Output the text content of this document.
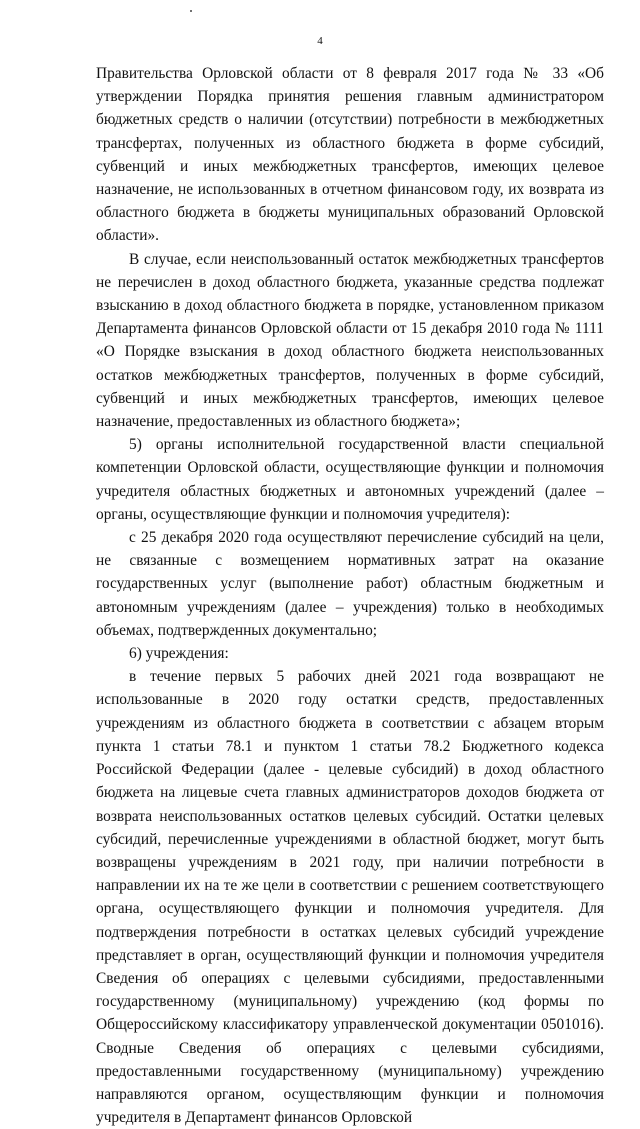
4

Правительства Орловской области от 8 февраля 2017 года № 33 «Об утверждении Порядка принятия решения главным администратором бюджетных средств о наличии (отсутствии) потребности в межбюджетных трансфертах, полученных из областного бюджета в форме субсидий, субвенций и иных межбюджетных трансфертов, имеющих целевое назначение, не использованных в отчетном финансовом году, их возврата из областного бюджета в бюджеты муниципальных образований Орловской области».

В случае, если неиспользованный остаток межбюджетных трансфертов не перечислен в доход областного бюджета, указанные средства подлежат взысканию в доход областного бюджета в порядке, установленном приказом Департамента финансов Орловской области от 15 декабря 2010 года № 1111 «О Порядке взыскания в доход областного бюджета неиспользованных остатков межбюджетных трансфертов, полученных в форме субсидий, субвенций и иных межбюджетных трансфертов, имеющих целевое назначение, предоставленных из областного бюджета»;

5) органы исполнительной государственной власти специальной компетенции Орловской области, осуществляющие функции и полномочия учредителя областных бюджетных и автономных учреждений (далее – органы, осуществляющие функции и полномочия учредителя):

с 25 декабря 2020 года осуществляют перечисление субсидий на цели, не связанные с возмещением нормативных затрат на оказание государственных услуг (выполнение работ) областным бюджетным и автономным учреждениям (далее – учреждения) только в необходимых объемах, подтвержденных документально;

6) учреждения:

в течение первых 5 рабочих дней 2021 года возвращают не использованные в 2020 году остатки средств, предоставленных учреждениям из областного бюджета в соответствии с абзацем вторым пункта 1 статьи 78.1 и пунктом 1 статьи 78.2 Бюджетного кодекса Российской Федерации (далее - целевые субсидий) в доход областного бюджета на лицевые счета главных администраторов доходов бюджета от возврата неиспользованных остатков целевых субсидий. Остатки целевых субсидий, перечисленные учреждениями в областной бюджет, могут быть возвращены учреждениям в 2021 году, при наличии потребности в направлении их на те же цели в соответствии с решением соответствующего органа, осуществляющего функции и полномочия учредителя. Для подтверждения потребности в остатках целевых субсидий учреждение представляет в орган, осуществляющий функции и полномочия учредителя Сведения об операциях с целевыми субсидиями, предоставленными государственному (муниципальному) учреждению (код формы по Общероссийскому классификатору управленческой документации 0501016). Сводные Сведения об операциях с целевыми субсидиями, предоставленными государственному (муниципальному) учреждению направляются органом, осуществляющим функции и полномочия учредителя в Департамент финансов Орловской
